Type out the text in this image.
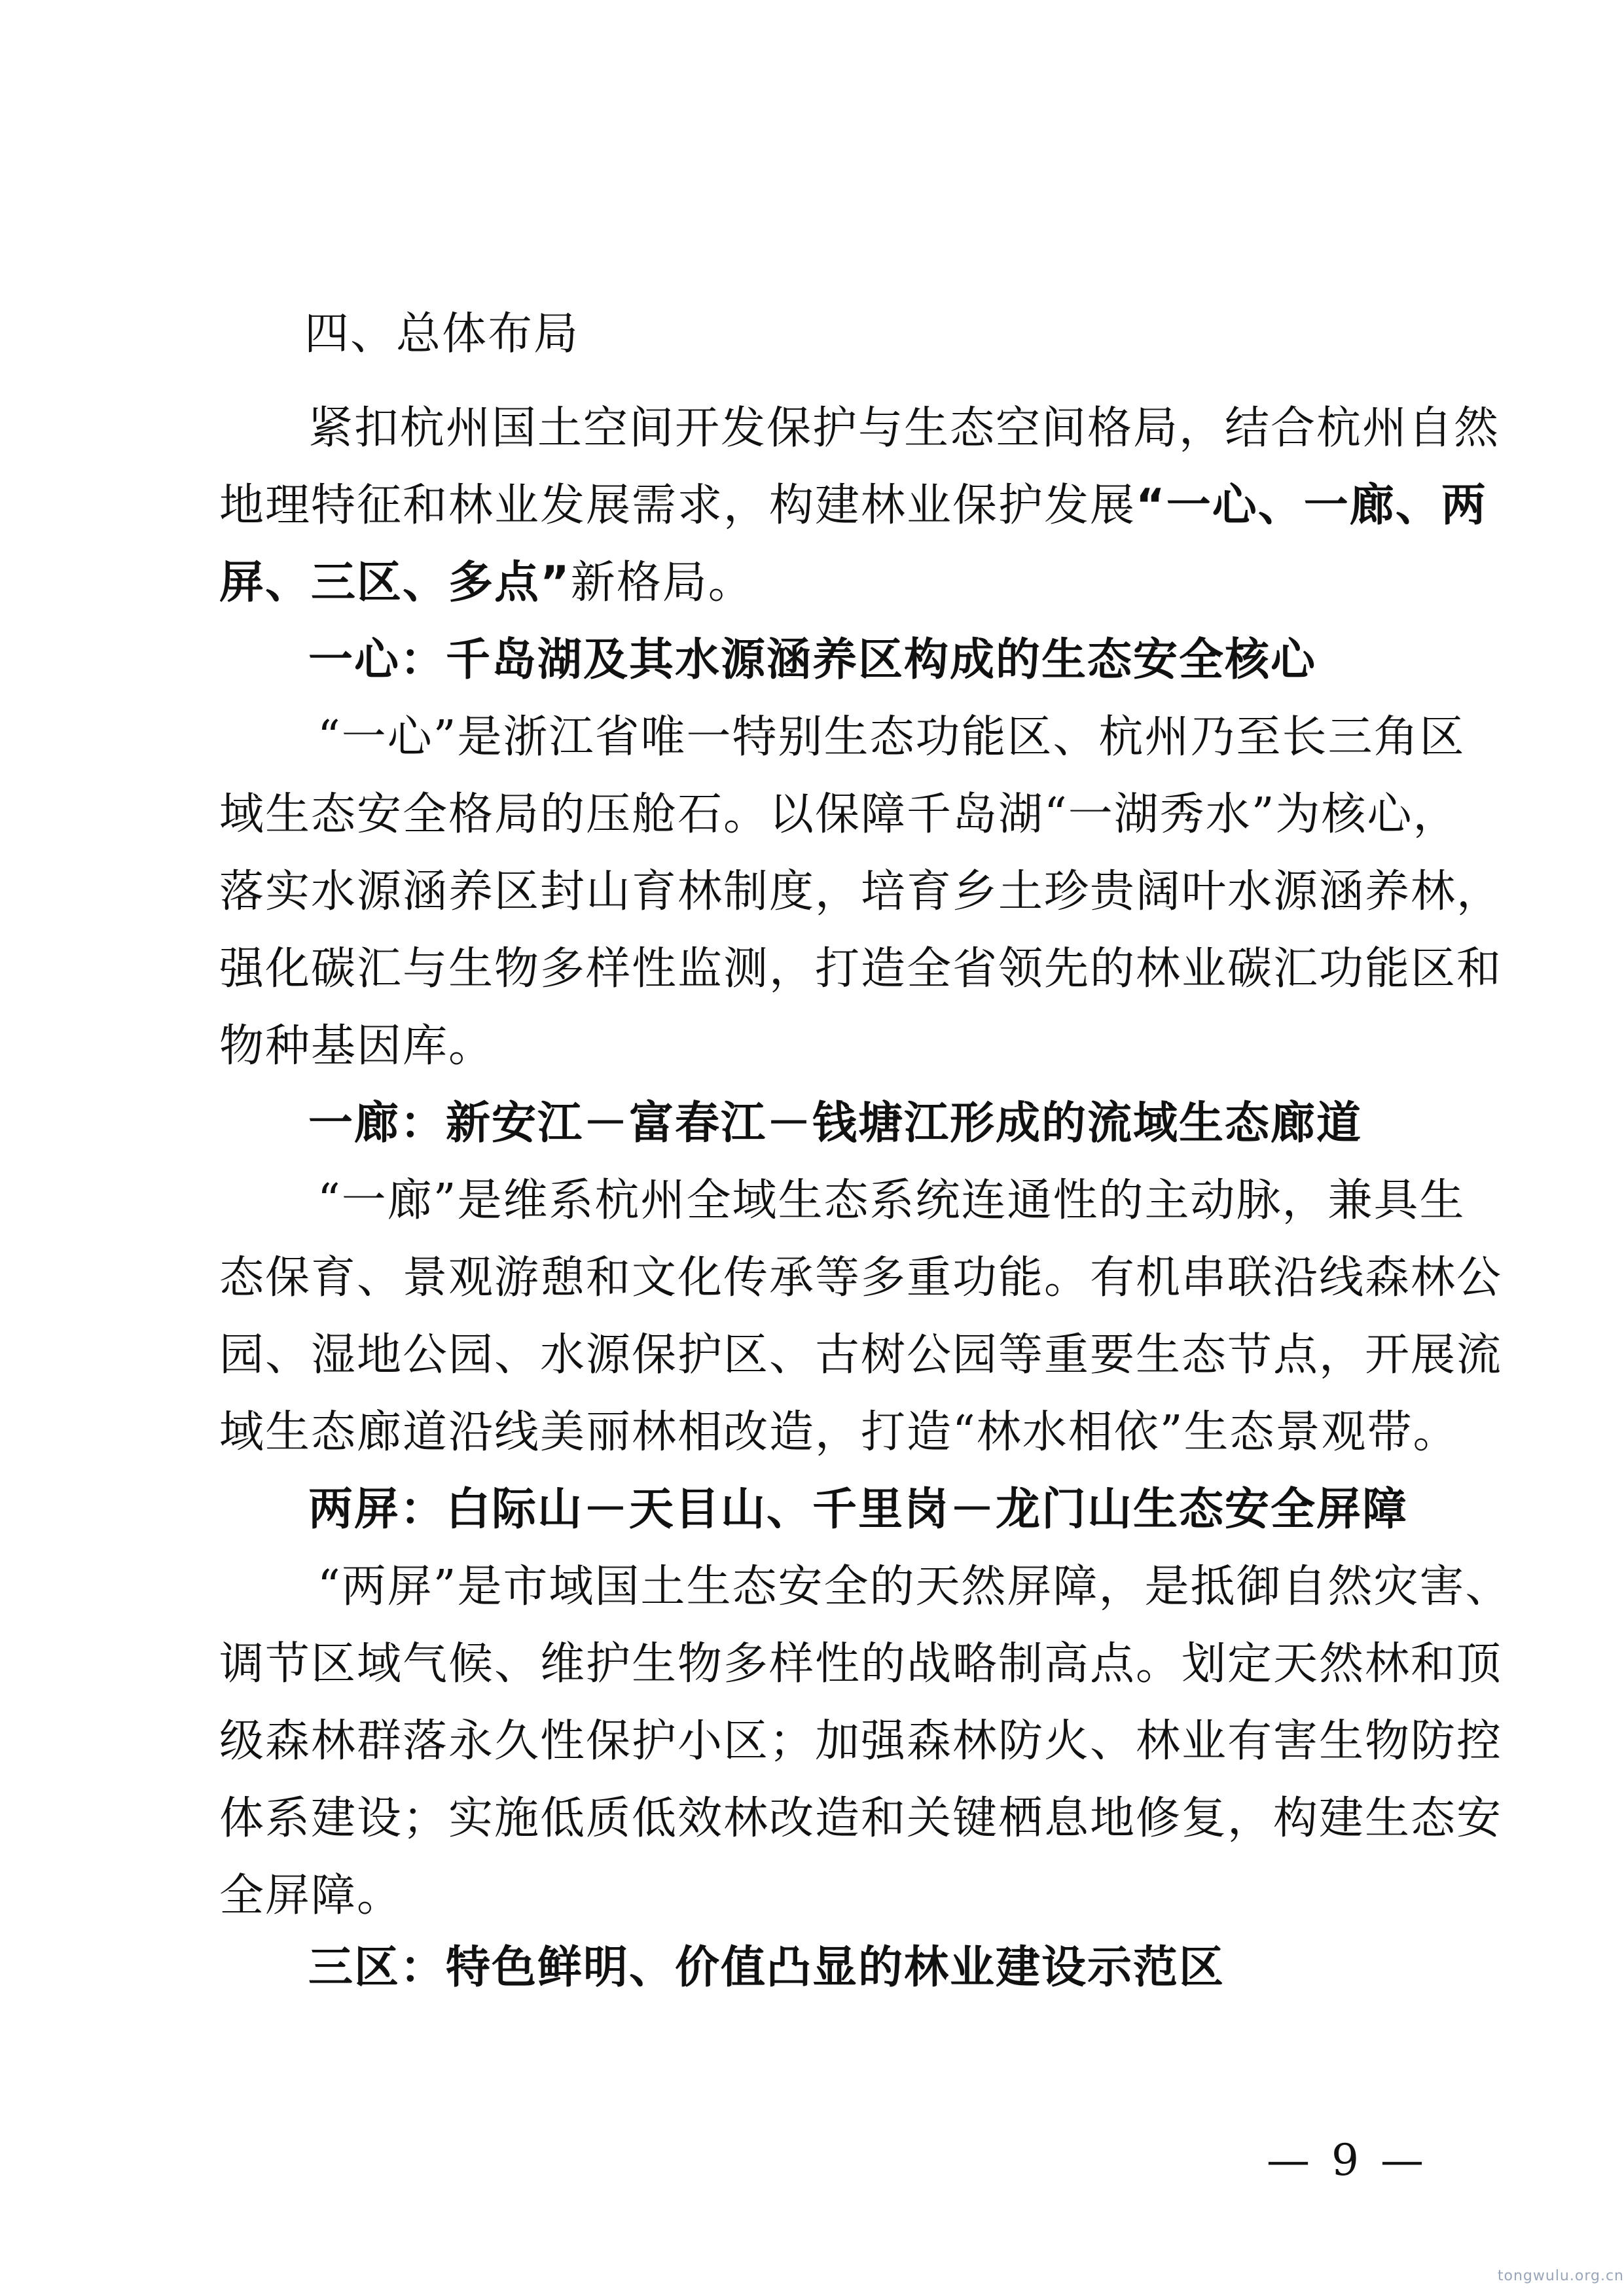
四、总体布局
紧扣杭州国土空间开发保护与生态空间格局，结合杭州自然
地理特征和林业发展需求，构建林业保护发展“一心、一廊、两
屏、三区、多点”新格局。
一心：千岛湖及其水源涵养区构成的生态安全核心
“一心”是浙江省唯一特别生态功能区、杭州乃至长三角区
域生态安全格局的压舱石。以保障千岛湖“一湖秀水”为核心，
落实水源涵养区封山育林制度，培育乡土珍贵阔叶水源涵养林，
强化碳汇与生物多样性监测，打造全省领先的林业碳汇功能区和
物种基因库。
一廊：新安江－富春江－钱塘江形成的流域生态廊道
“一廊”是维系杭州全域生态系统连通性的主动脉，兼具生
态保育、景观游憩和文化传承等多重功能。有机串联沿线森林公
园、湿地公园、水源保护区、古树公园等重要生态节点，开展流
域生态廊道沿线美丽林相改造，打造“林水相依”生态景观带。
两屏：白际山－天目山、千里岗－龙门山生态安全屏障
“两屏”是市域国土生态安全的天然屏障，是抵御自然灾害、
调节区域气候、维护生物多样性的战略制高点。划定天然林和顶
级森林群落永久性保护小区；加强森林防火、林业有害生物防控
体系建设；实施低质低效林改造和关键栖息地修复，构建生态安
全屏障。
三区：特色鲜明、价值凸显的林业建设示范区
— 9 —
tongwulu.org.cn
